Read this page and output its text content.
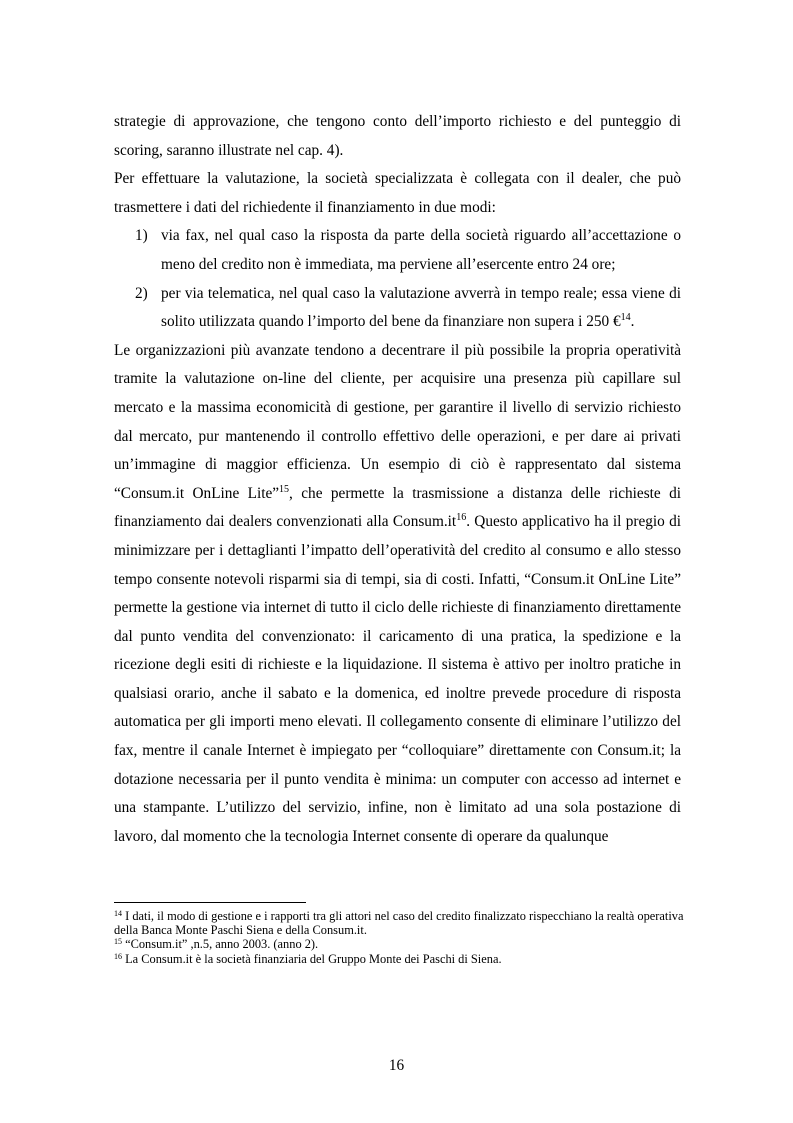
strategie di approvazione, che tengono conto dell’importo richiesto e del punteggio di scoring, saranno illustrate nel cap. 4).

Per effettuare la valutazione, la società specializzata è collegata con il dealer, che può trasmettere i dati del richiedente il finanziamento in due modi:

1) via fax, nel qual caso la risposta da parte della società riguardo all’accettazione o meno del credito non è immediata, ma perviene all’esercente entro 24 ore;
2) per via telematica, nel qual caso la valutazione avverrà in tempo reale; essa viene di solito utilizzata quando l’importo del bene da finanziare non supera i 250 €$^{14}$.

Le organizzazioni più avanzate tendono a decentrare il più possibile la propria operatività tramite la valutazione on-line del cliente, per acquisire una presenza più capillare sul mercato e la massima economicità di gestione, per garantire il livello di servizio richiesto dal mercato, pur mantenendo il controllo effettivo delle operazioni, e per dare ai privati un’immagine di maggior efficienza. Un esempio di ciò è rappresentato dal sistema “Consum.it OnLine Lite”$^{15}$, che permette la trasmissione a distanza delle richieste di finanziamento dai dealers convenzionati alla $Consum.it^{16}$. Questo applicativo ha il pregio di minimizzare per i dettaglianti l’impatto dell’operatività del credito al consumo e allo stesso tempo consente notevoli risparmi sia di tempi, sia di costi. Infatti, “Consum.it OnLine Lite” permette la gestione via internet di tutto il ciclo delle richieste di finanziamento direttamente dal punto vendita del convenzionato: il caricamento di una pratica, la spedizione e la ricezione degli esiti di richieste e la liquidazione. Il sistema è attivo per inoltro pratiche in qualsiasi orario, anche il sabato e la domenica, ed inoltre prevede procedure di risposta automatica per gli importi meno elevati. Il collegamento consente di eliminare l’utilizzo del fax, mentre il canale Internet è impiegato per “colloquiare” direttamente con Consum.it; la dotazione necessaria per il punto vendita è minima: un computer con accesso ad internet e una stampante. L’utilizzo del servizio, infine, non è limitato ad una sola postazione di lavoro, dal momento che la tecnologia Internet consente di operare da qualunque

$^{14}$ I dati, il modo di gestione e i rapporti tra gli attori nel caso del credito finalizzato rispecchiano la realtà operativa della Banca Monte Paschi Siena e della Consum.it.

$^{15}$ “Consum.it” ,n.5, anno 2003. (anno 2).

$^{16}$ La Consum.it è la società finanziaria del Gruppo Monte dei Paschi di Siena.

16
